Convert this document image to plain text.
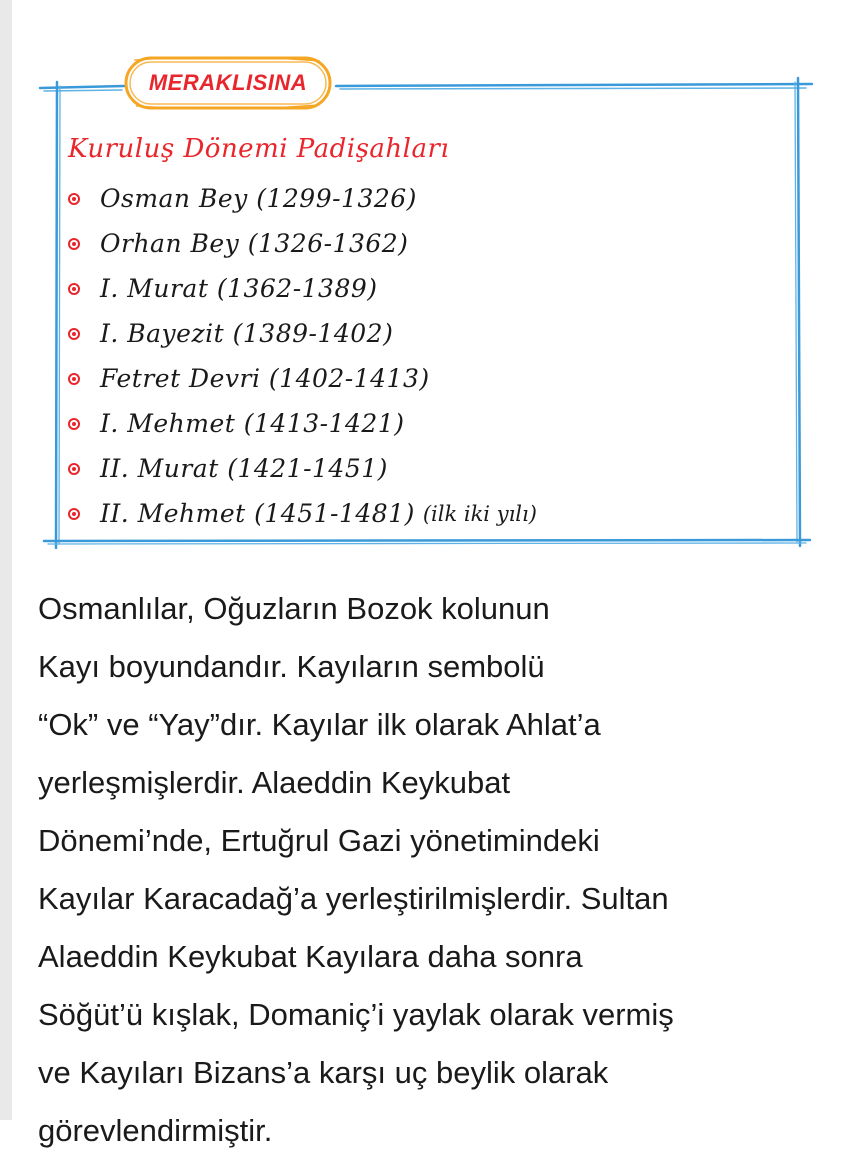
MERAKLISINA
Kuruluş Dönemi Padişahları
Osman Bey (1299-1326)
Orhan Bey (1326-1362)
I. Murat (1362-1389)
I. Bayezit (1389-1402)
Fetret Devri (1402-1413)
I. Mehmet (1413-1421)
II. Murat (1421-1451)
II. Mehmet (1451-1481) (ilk iki yılı)

Osmanlılar, Oğuzların Bozok kolunun
Kayı boyundandır. Kayıların sembolü
“Ok” ve “Yay”dır. Kayılar ilk olarak Ahlat’a
yerleşmişlerdir. Alaeddin Keykubat
Dönemi’nde, Ertuğrul Gazi yönetimindeki
Kayılar Karacadağ’a yerleştirilmişlerdir. Sultan
Alaeddin Keykubat Kayılara daha sonra
Söğüt’ü kışlak, Domaniç’i yaylak olarak vermiş
ve Kayıları Bizans’a karşı uç beylik olarak
görevlendirmiştir.
